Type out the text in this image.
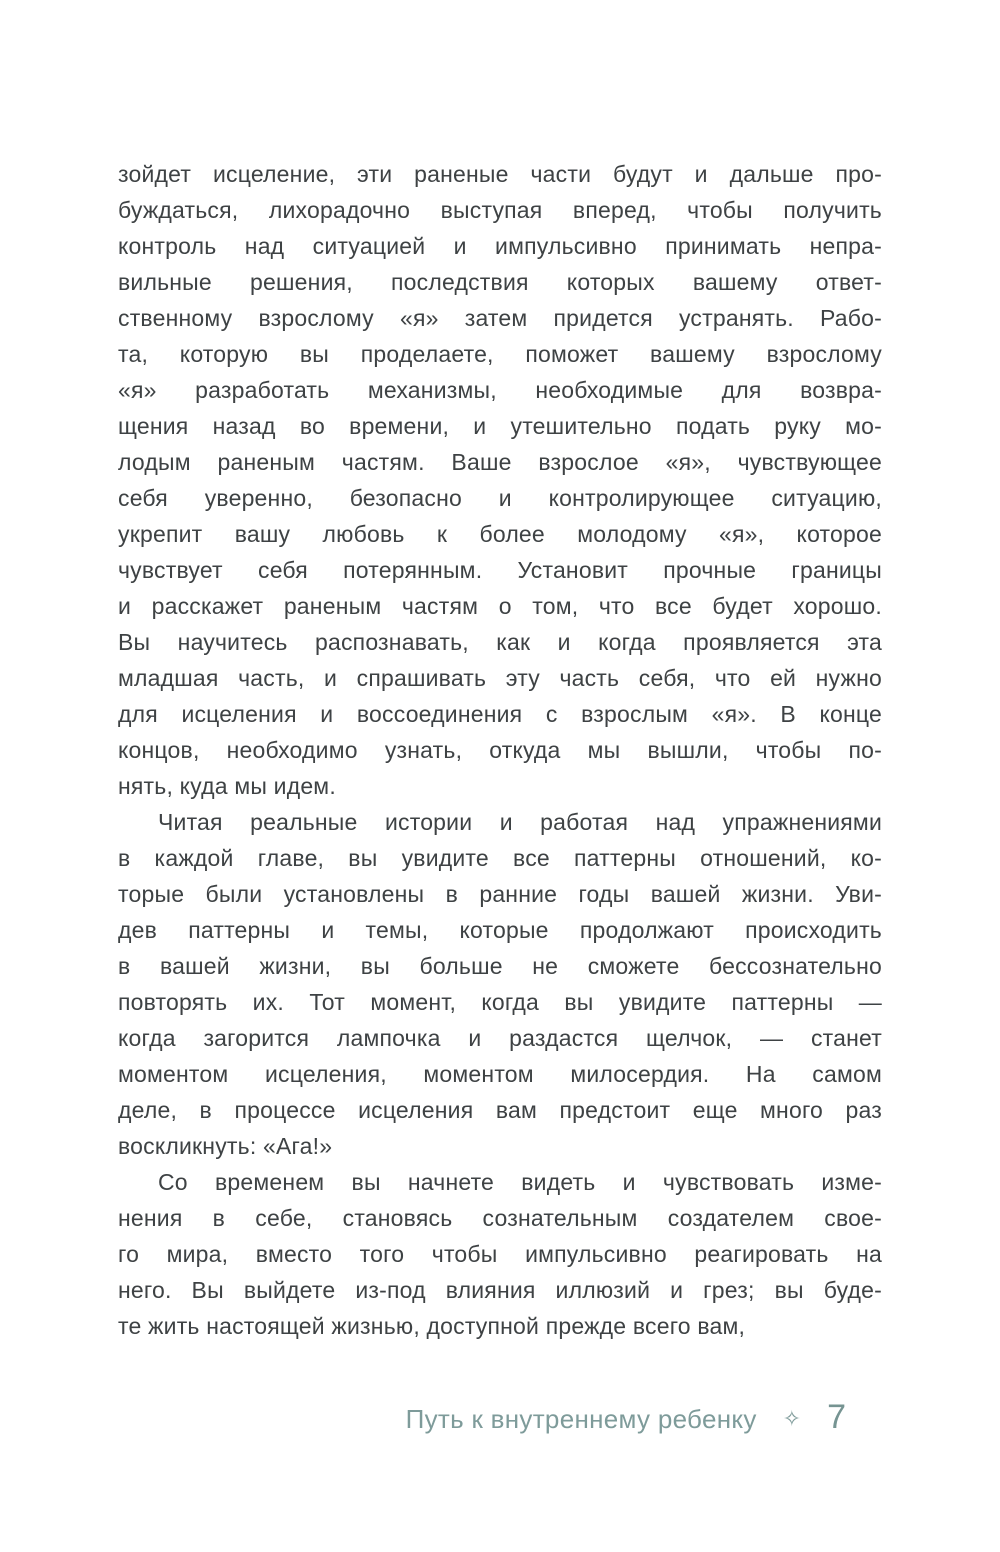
зойдет исцеление, эти раненые части будут и дальше про-
буждаться, лихорадочно выступая вперед, чтобы получить
контроль над ситуацией и импульсивно принимать непра-
вильные решения, последствия которых вашему ответ-
ственному взрослому «я» затем придется устранять. Рабо-
та, которую вы проделаете, поможет вашему взрослому
«я» разработать механизмы, необходимые для возвра-
щения назад во времени, и утешительно подать руку мо-
лодым раненым частям. Ваше взрослое «я», чувствующее
себя уверенно, безопасно и контролирующее ситуацию,
укрепит вашу любовь к более молодому «я», которое
чувствует себя потерянным. Установит прочные границы
и расскажет раненым частям о том, что все будет хорошо.
Вы научитесь распознавать, как и когда проявляется эта
младшая часть, и спрашивать эту часть себя, что ей нужно
для исцеления и воссоединения с взрослым «я». В конце
концов, необходимо узнать, откуда мы вышли, чтобы по-
нять, куда мы идем.
Читая реальные истории и работая над упражнениями
в каждой главе, вы увидите все паттерны отношений, ко-
торые были установлены в ранние годы вашей жизни. Уви-
дев паттерны и темы, которые продолжают происходить
в вашей жизни, вы больше не сможете бессознательно
повторять их. Тот момент, когда вы увидите паттерны —
когда загорится лампочка и раздастся щелчок, — станет
моментом исцеления, моментом милосердия. На самом
деле, в процессе исцеления вам предстоит еще много раз
воскликнуть: «Ага!»
Со временем вы начнете видеть и чувствовать изме-
нения в себе, становясь сознательным создателем свое-
го мира, вместо того чтобы импульсивно реагировать на
него. Вы выйдете из-под влияния иллюзий и грез; вы буде-
те жить настоящей жизнью, доступной прежде всего вам,
Путь к внутреннему ребенку ✧ 7
